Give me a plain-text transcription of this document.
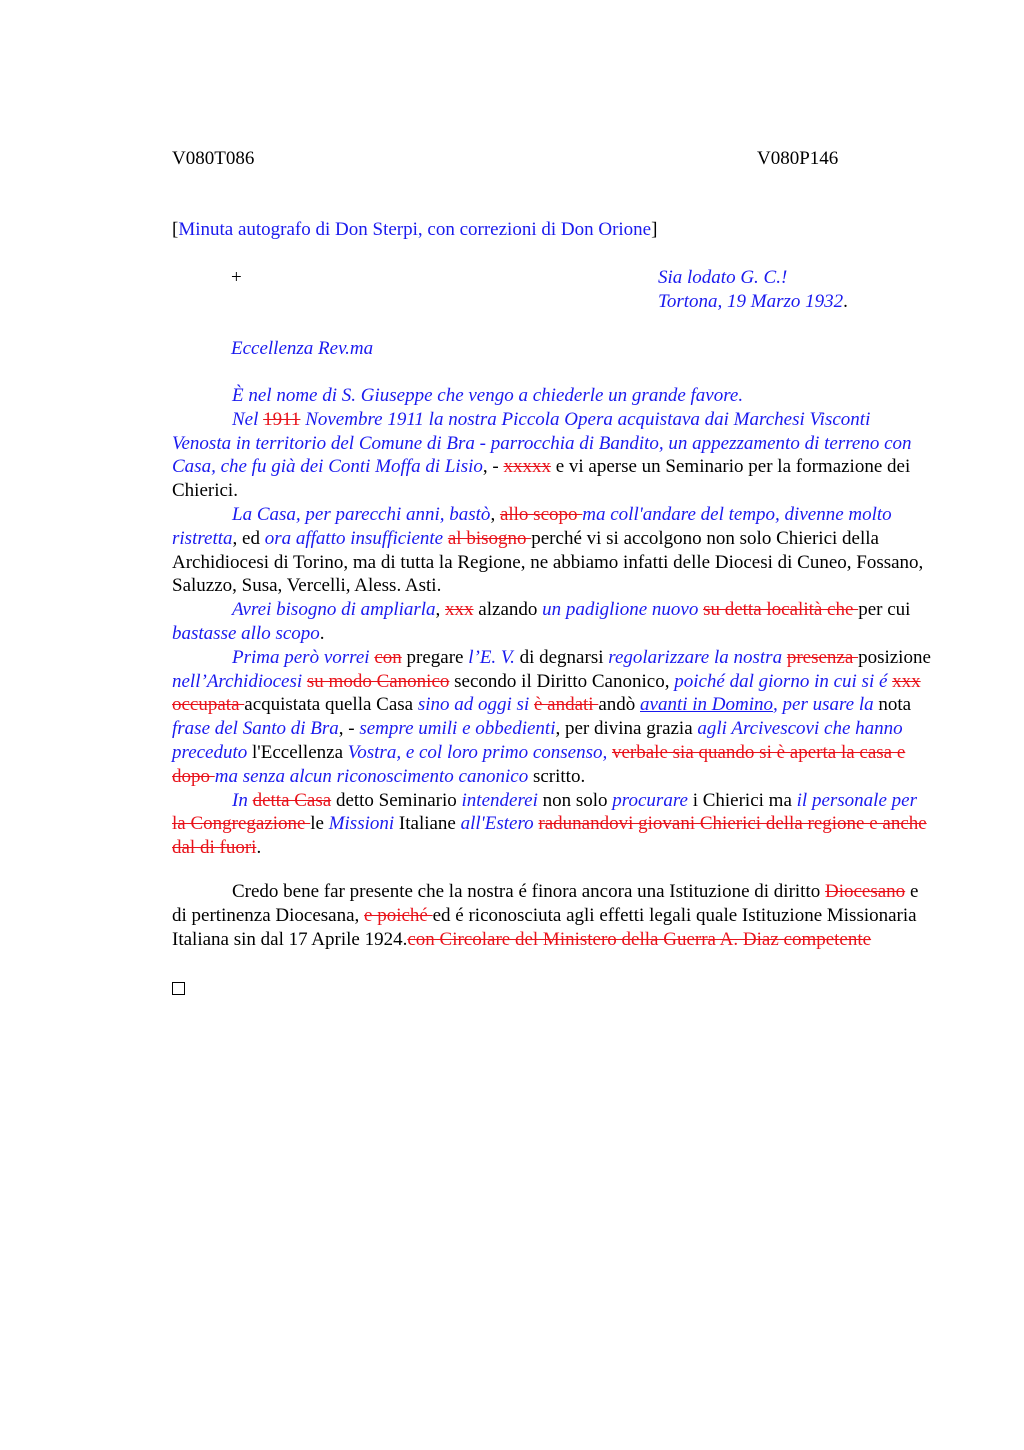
V080T086	V080P146
[Minuta autografo di Don Sterpi, con correzioni di Don Orione]
+	Sia lodato G. C.!
Tortona, 19 Marzo 1932.
Eccellenza Rev.ma
È nel nome di S. Giuseppe che vengo a chiederle un grande favore.
Nel 1911 Novembre 1911 la nostra Piccola Opera acquistava dai Marchesi Visconti Venosta in territorio del Comune di Bra - parrocchia di Bandito, un appezzamento di terreno con Casa, che fu già dei Conti Moffa di Lisio, - xxxxx e vi aperse un Seminario per la formazione dei Chierici.
La Casa, per parecchi anni, bastò, allo scopo ma coll'andare del tempo, divenne molto ristretta, ed ora affatto insufficiente al bisogno perché vi si accolgono non solo Chierici della Archidiocesi di Torino, ma di tutta la Regione, ne abbiamo infatti delle Diocesi di Cuneo, Fossano, Saluzzo, Susa, Vercelli, Aless. Asti.
Avrei bisogno di ampliarla, xxx alzando un padiglione nuovo su detta località che per cui bastasse allo scopo.
Prima però vorrei con pregare l’E. V. di degnarsi regolarizzare la nostra presenza posizione nell’Archidiocesi su modo Canonico secondo il Diritto Canonico, poiché dal giorno in cui si é xxx occupata acquistata quella Casa sino ad oggi si è andati andò avanti in Domino, per usare la nota frase del Santo di Bra, - sempre umili e obbedienti, per divina grazia agli Arcivescovi che hanno preceduto l'Eccellenza Vostra, e col loro primo consenso, verbale sia quando si è aperta la casa e dopo ma senza alcun riconoscimento canonico scritto.
In detta Casa detto Seminario intenderei non solo procurare i Chierici ma il personale per la Congregazione le Missioni Italiane all'Estero radunandovi giovani Chierici della regione e anche dal di fuori.
Credo bene far presente che la nostra é finora ancora una Istituzione di diritto Diocesano e di pertinenza Diocesana, e poiché ed é riconosciuta agli effetti legali quale Istituzione Missionaria Italiana sin dal 17 Aprile 1924.con Circolare del Ministero della Guerra A. Diaz competente
